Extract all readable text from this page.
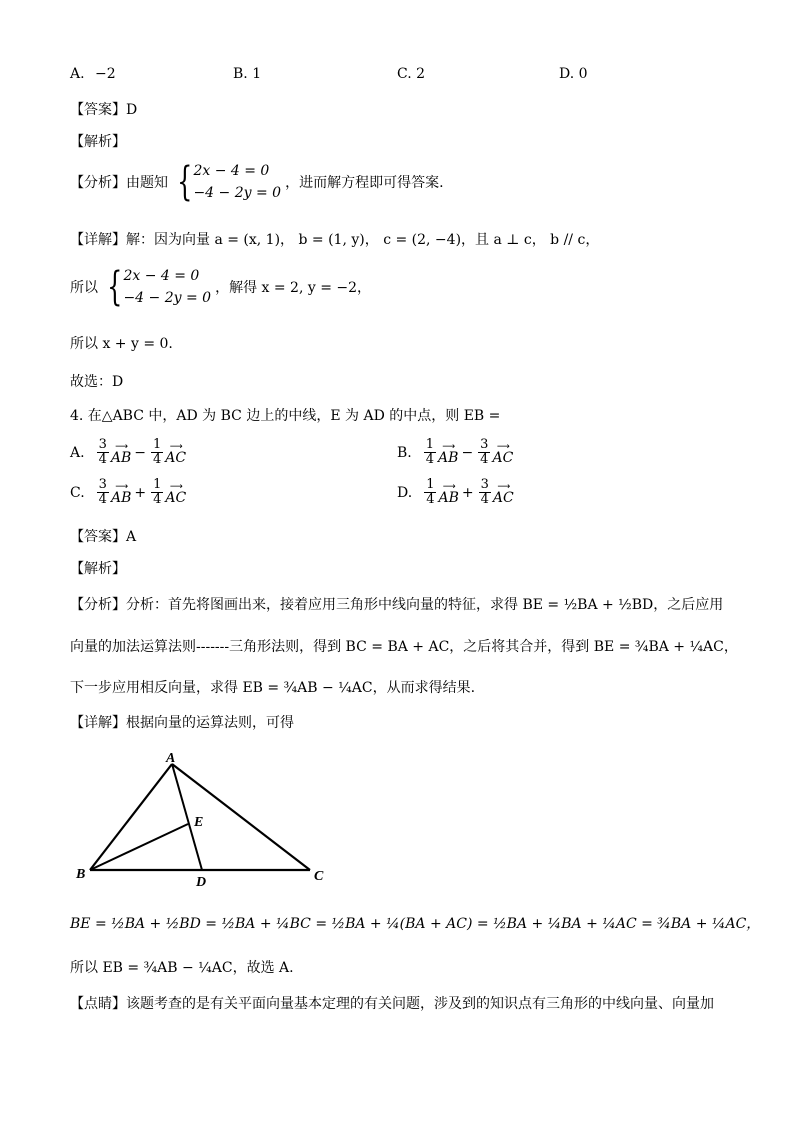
A. −2	B. 1	C. 2	D. 0
【答案】D
【解析】
【分析】 由题知 { 2x − 4 = 0
−4 − 2y = 0
，进而解方程即可得答案.
【详解】解：因为向量 a = (x, 1)， b = (1, y)， c = (2, −4)，且 a ⊥ c， b // c，
所以 { 2x − 4 = 0
−4 − 2y = 0
，解得 x = 2, y = −2，
所以 x + y = 0.
故选：D
4. 在△ABC 中，AD 为 BC 边上的中线，E 为 AD 的中点，则 EB =
A. $\frac{3}{4}$ ⟶
AB − $\frac{1}{4}$ ⟶
AC	B. $\frac{1}{4}$ ⟶
AB − $\frac{3}{4}$ ⟶
AC
C. $\frac{3}{4}$ ⟶
AB + $\frac{1}{4}$ ⟶
AC	D. $\frac{1}{4}$ ⟶
AB + $\frac{3}{4}$ ⟶
AC
【答案】A
【解析】
【分析】分析：首先将图画出来，接着应用三角形中线向量的特征，求得 BE = ½BA + ½BD，之后应用
向量的加法运算法则-------三角形法则，得到 BC = BA + AC，之后将其合并，得到 BE = ¾BA + ¼AC，
下一步应用相反向量，求得 EB = ¾AB − ¼AC，从而求得结果.
【详解】根据向量的运算法则，可得
A
B	C
D
E
BE = ½BA + ½BD = ½BA + ¼BC = ½BA + ¼(BA + AC) = ½BA + ¼BA + ¼AC = ¾BA + ¼AC，
所以 EB = ¾AB − ¼AC，故选 A.
【点睛】该题考查的是有关平面向量基本定理的有关问题，涉及到的知识点有三角形的中线向量、向量加
